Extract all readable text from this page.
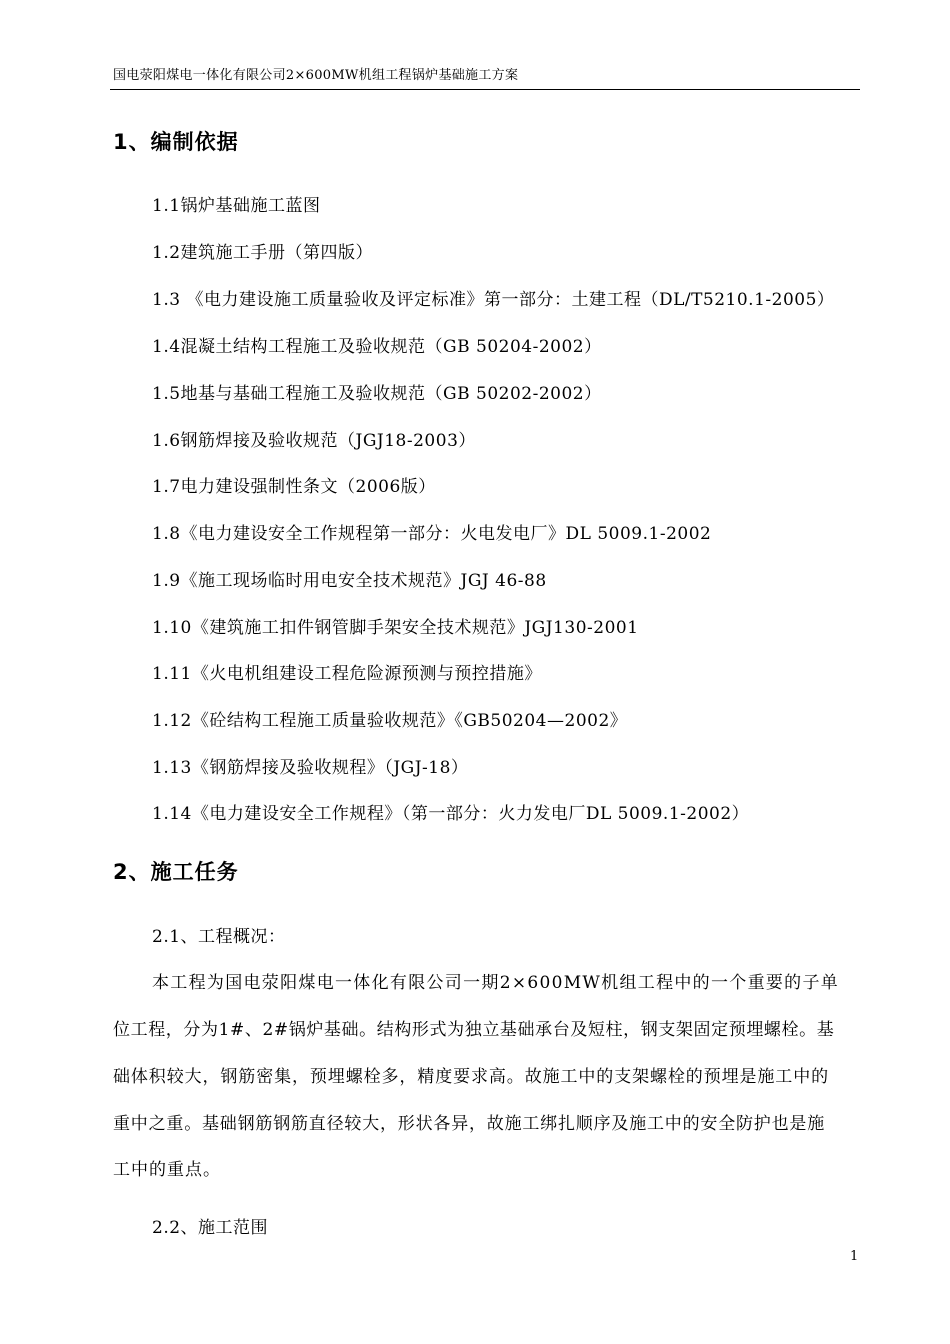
国电荥阳煤电一体化有限公司2×600MW机组工程锅炉基础施工方案
1、编制依据
1.1锅炉基础施工蓝图
1.2建筑施工手册（第四版）
1.3 《电力建设施工质量验收及评定标准》第一部分：土建工程（DL/T5210.1-2005）
1.4混凝土结构工程施工及验收规范（GB 50204-2002）
1.5地基与基础工程施工及验收规范（GB 50202-2002）
1.6钢筋焊接及验收规范（JGJ18-2003）
1.7电力建设强制性条文（2006版）
1.8《电力建设安全工作规程第一部分：火电发电厂》DL 5009.1-2002
1.9《施工现场临时用电安全技术规范》JGJ 46-88
1.10《建筑施工扣件钢管脚手架安全技术规范》JGJ130-2001
1.11《火电机组建设工程危险源预测与预控措施》
1.12《砼结构工程施工质量验收规范》《GB50204—2002》
1.13《钢筋焊接及验收规程》（JGJ-18）
1.14《电力建设安全工作规程》（第一部分：火力发电厂DL 5009.1-2002）
2、施工任务
2.1、工程概况：
本工程为国电荥阳煤电一体化有限公司一期2×600MW机组工程中的一个重要的子单
位工程，分为1#、2#锅炉基础。结构形式为独立基础承台及短柱，钢支架固定预埋螺栓。基
础体积较大，钢筋密集，预埋螺栓多，精度要求高。故施工中的支架螺栓的预埋是施工中的
重中之重。基础钢筋钢筋直径较大，形状各异，故施工绑扎顺序及施工中的安全防护也是施
工中的重点。
2.2、施工范围
1
